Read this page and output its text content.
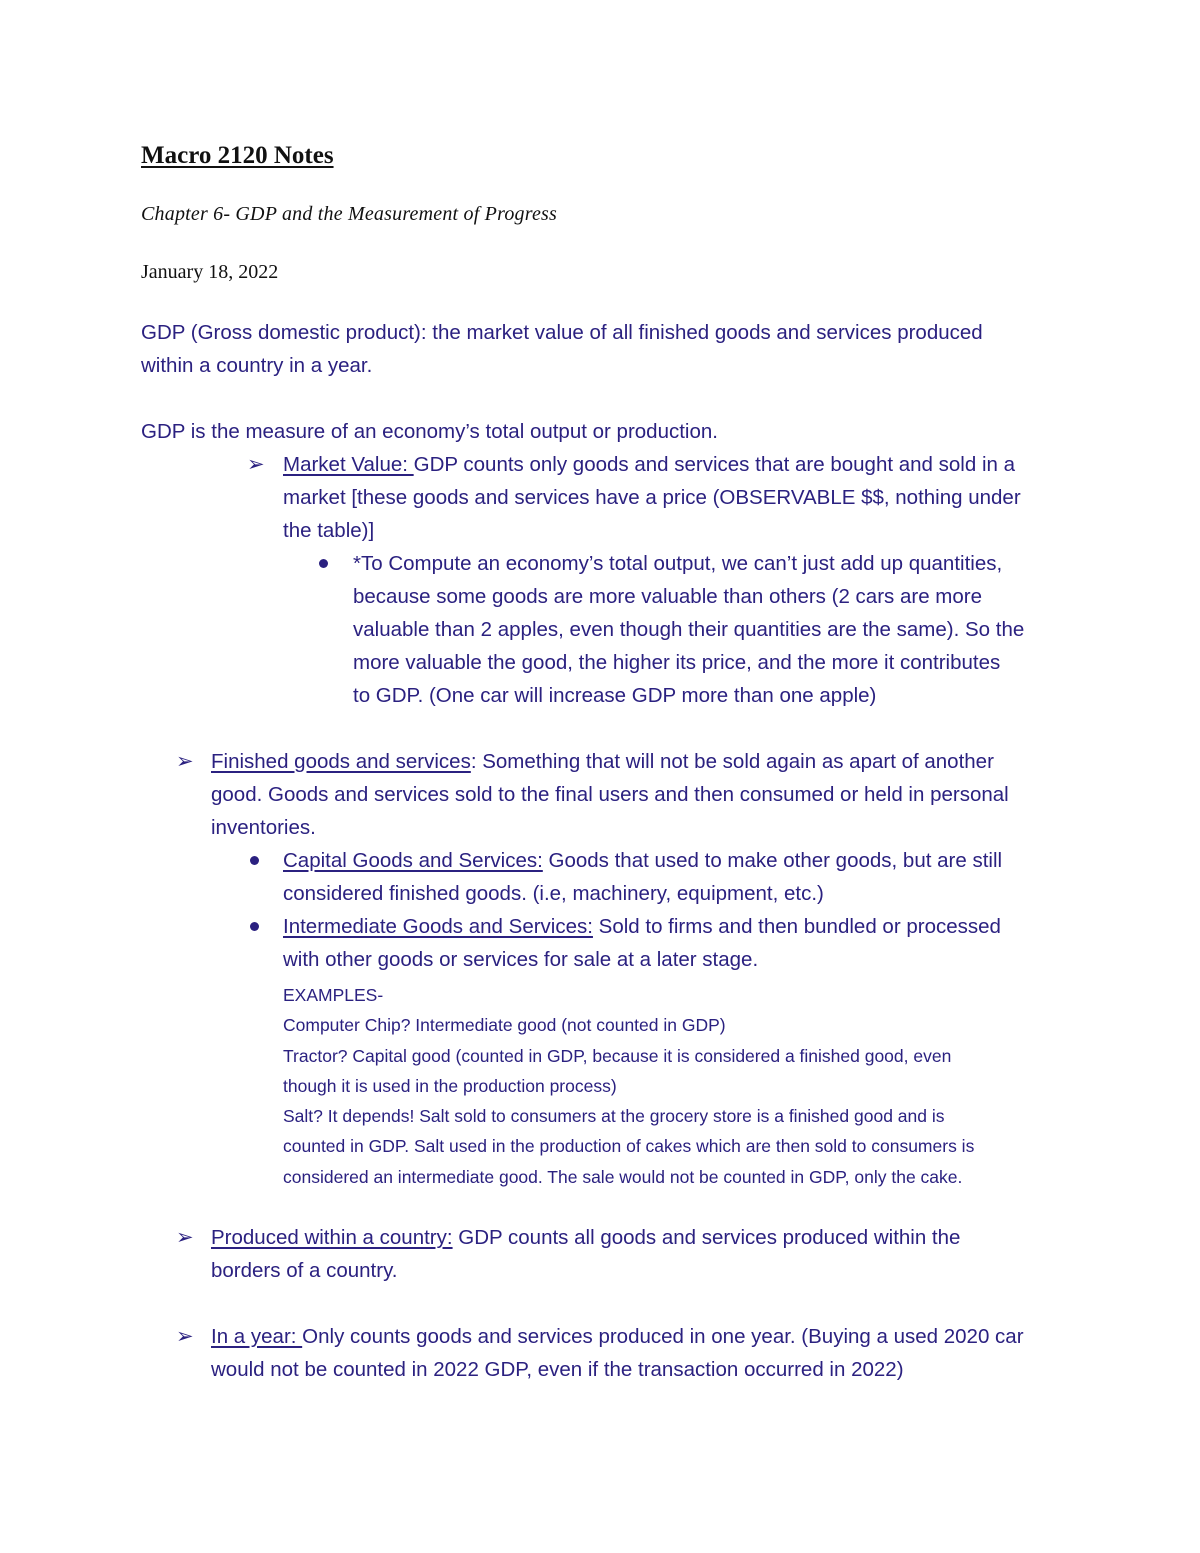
Macro 2120 Notes
Chapter 6- GDP and the Measurement of Progress
January 18, 2022
GDP (Gross domestic product): the market value of all finished goods and services produced
within a country in a year.
GDP is the measure of an economy’s total output or production.
➢ Market Value: GDP counts only goods and services that are bought and sold in a
market [these goods and services have a price (OBSERVABLE $$, nothing under
the table)]
*To Compute an economy’s total output, we can’t just add up quantities,
because some goods are more valuable than others (2 cars are more
valuable than 2 apples, even though their quantities are the same). So the
more valuable the good, the higher its price, and the more it contributes
to GDP. (One car will increase GDP more than one apple)
➢ Finished goods and services: Something that will not be sold again as apart of another
good. Goods and services sold to the final users and then consumed or held in personal
inventories.
Capital Goods and Services: Goods that used to make other goods, but are still
considered finished goods. (i.e, machinery, equipment, etc.)
Intermediate Goods and Services: Sold to firms and then bundled or processed
with other goods or services for sale at a later stage.
EXAMPLES-
Computer Chip? Intermediate good (not counted in GDP)
Tractor? Capital good (counted in GDP, because it is considered a finished good, even
though it is used in the production process)
Salt? It depends! Salt sold to consumers at the grocery store is a finished good and is
counted in GDP. Salt used in the production of cakes which are then sold to consumers is
considered an intermediate good. The sale would not be counted in GDP, only the cake.
➢ Produced within a country: GDP counts all goods and services produced within the
borders of a country.
➢ In a year: Only counts goods and services produced in one year. (Buying a used 2020 car
would not be counted in 2022 GDP, even if the transaction occurred in 2022)
